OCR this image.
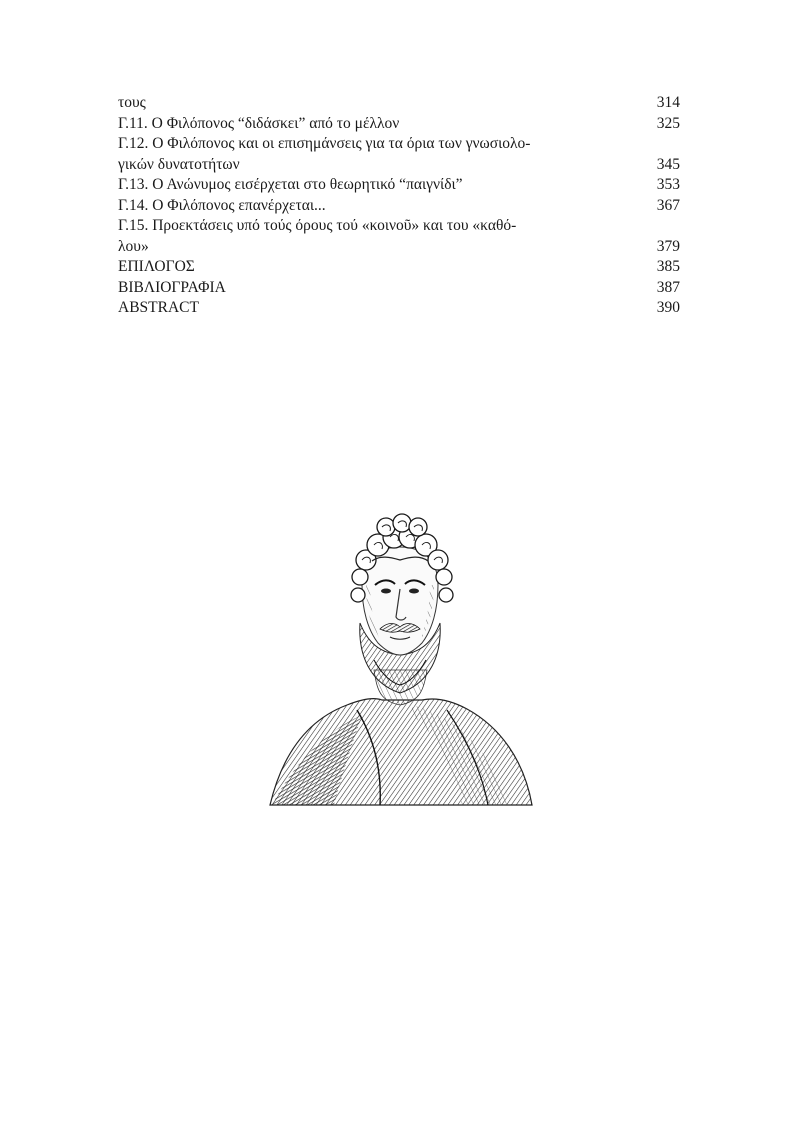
τους	314
Γ.11. Ο Φιλόπονος “διδάσκει” από το μέλλον	325
Γ.12. Ο Φιλόπονος και οι επισημάνσεις για τα όρια των γνωσιολο-
γικών δυνατοτήτων	345
Γ.13. Ο Ανώνυμος εισέρχεται στο θεωρητικό “παιγνίδι”	353
Γ.14. Ο Φιλόπονος επανέρχεται...	367
Γ.15. Προεκτάσεις υπό τούς όρους τού «κοινοῦ» και του «καθό-
λου»	379
ΕΠΙΛΟΓΟΣ	385
ΒΙΒΛΙΟΓΡΑΦΙΑ	387
ABSTRACT	390
